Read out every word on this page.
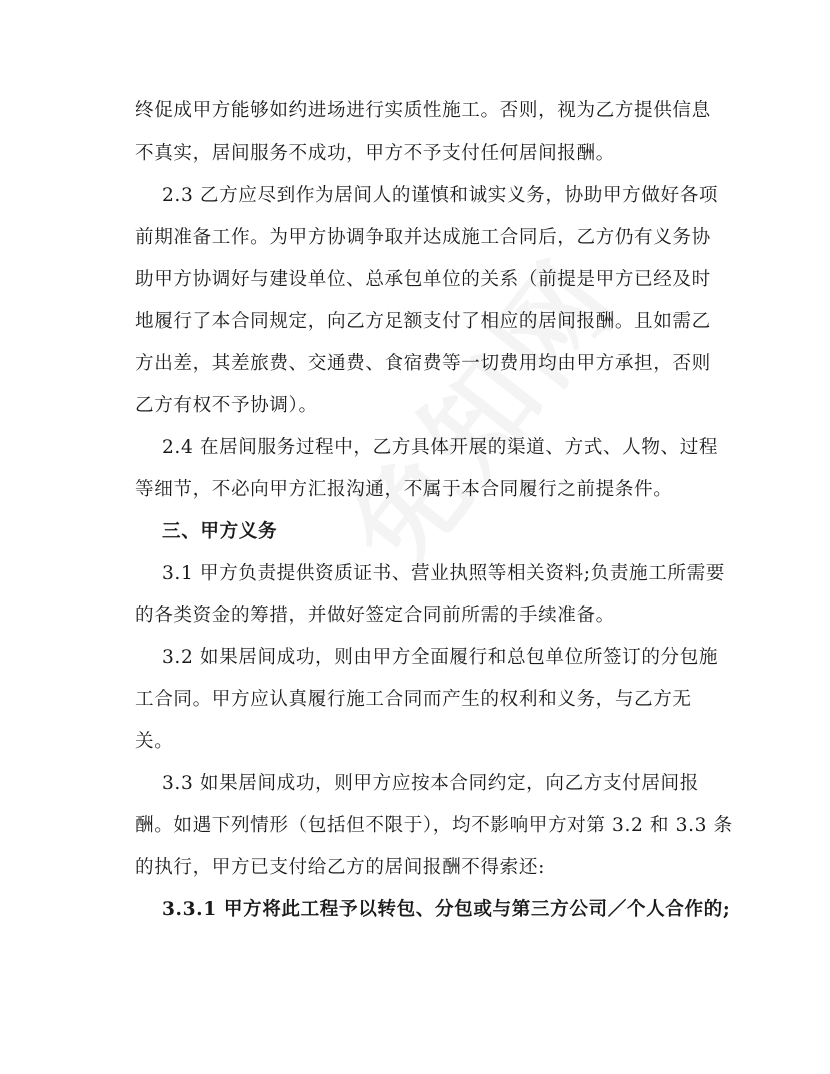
终促成甲方能够如约进场进行实质性施工。否则，视为乙方提供信息
不真实，居间服务不成功，甲方不予支付任何居间报酬。
2.3 乙方应尽到作为居间人的谨慎和诚实义务，协助甲方做好各项
前期准备工作。为甲方协调争取并达成施工合同后，乙方仍有义务协
助甲方协调好与建设单位、总承包单位的关系（前提是甲方已经及时
地履行了本合同规定，向乙方足额支付了相应的居间报酬。且如需乙
方出差，其差旅费、交通费、食宿费等一切费用均由甲方承担，否则
乙方有权不予协调）。
2.4 在居间服务过程中，乙方具体开展的渠道、方式、人物、过程
等细节，不必向甲方汇报沟通，不属于本合同履行之前提条件。
三、甲方义务
3.1 甲方负责提供资质证书、营业执照等相关资料;负责施工所需要
的各类资金的筹措，并做好签定合同前所需的手续准备。
3.2 如果居间成功，则由甲方全面履行和总包单位所签订的分包施
工合同。甲方应认真履行施工合同而产生的权利和义务，与乙方无
关。
3.3 如果居间成功，则甲方应按本合同约定，向乙方支付居间报
酬。如遇下列情形（包括但不限于），均不影响甲方对第 3.2 和 3.3 条
的执行，甲方已支付给乙方的居间报酬不得索还:
3.3.1 甲方将此工程予以转包、分包或与第三方公司／个人合作的;
